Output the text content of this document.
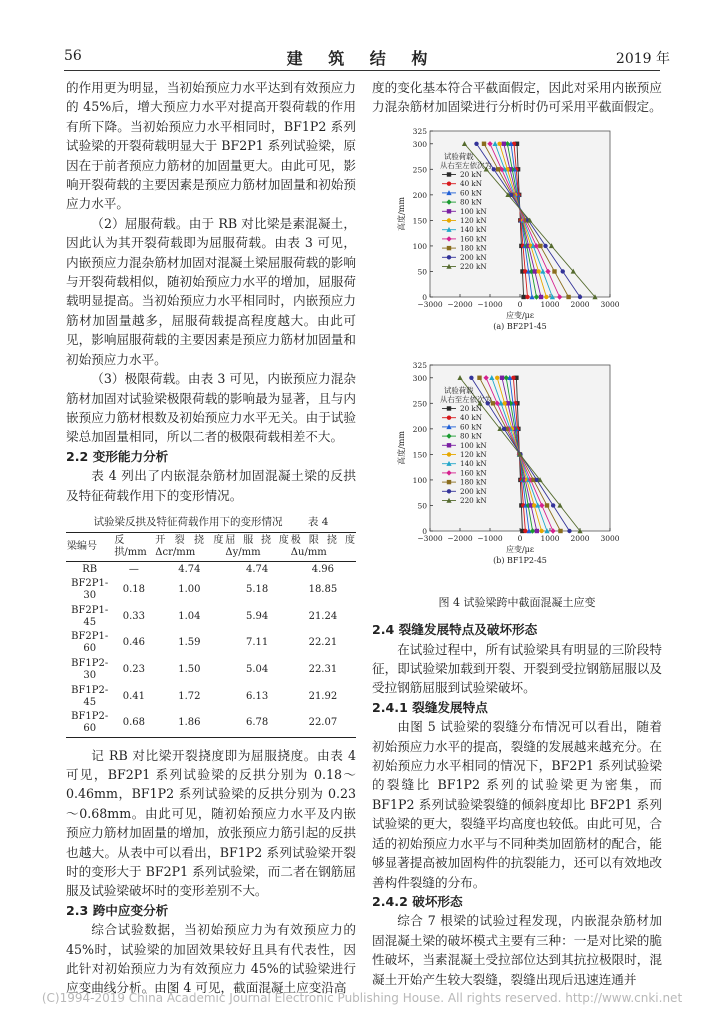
56	建 筑 结 构	2019 年

的作用更为明显，当初始预应力水平达到有效预应力的 45%后，增大预应力水平对提高开裂荷载的作用有所下降。当初始预应力水平相同时，BF1P2 系列试验梁的开裂荷载明显大于 BF2P1 系列试验梁，原因在于前者预应力筋材的加固量更大。由此可见，影响开裂荷载的主要因素是预应力筋材加固量和初始预应力水平。

（2）屈服荷载。由于 RB 对比梁是素混凝土，因此认为其开裂荷载即为屈服荷载。由表 3 可见，内嵌预应力混杂筋材加固对混凝土梁屈服荷载的影响与开裂荷载相似，随初始预应力水平的增加，屈服荷载明显提高。当初始预应力水平相同时，内嵌预应力筋材加固量越多，屈服荷载提高程度越大。由此可见，影响屈服荷载的主要因素是预应力筋材加固量和初始预应力水平。

（3）极限荷载。由表 3 可见，内嵌预应力混杂筋材加固对试验梁极限荷载的影响最为显著，且与内嵌预应力筋材根数及初始预应力水平无关。由于试验梁总加固量相同，所以二者的极限荷载相差不大。

2.2 变形能力分析

表 4 列出了内嵌混杂筋材加固混凝土梁的反拱及特征荷载作用下的变形情况。

试验梁反拱及特征荷载作用下的变形情况 表 4
梁编号	反拱/mm	开裂挠度 Δcr/mm	屈服挠度 Δy/mm	极限挠度 Δu/mm
RB	—	4.74	4.74	4.96
BF2P1-30	0.18	1.00	5.18	18.85
BF2P1-45	0.33	1.04	5.94	21.24
BF2P1-60	0.46	1.59	7.11	22.21
BF1P2-30	0.23	1.50	5.04	22.31
BF1P2-45	0.41	1.72	6.13	21.92
BF1P2-60	0.68	1.86	6.78	22.07

记 RB 对比梁开裂挠度即为屈服挠度。由表 4 可见，BF2P1 系列试验梁的反拱分别为 0.18～0.46mm，BF1P2 系列试验梁的反拱分别为 0.23～0.68mm。由此可见，随初始预应力水平及内嵌预应力筋材加固量的增加，放张预应力筋引起的反拱也越大。从表中可以看出，BF1P2 系列试验梁开裂时的变形大于 BF2P1 系列试验梁，而二者在钢筋屈服及试验梁破坏时的变形差别不大。

2.3 跨中应变分析

综合试验数据，当初始预应力为有效预应力的 45%时，试验梁的加固效果较好且具有代表性，因此针对初始预应力为有效预应力 45%的试验梁进行应变曲线分析。由图 4 可见，截面混凝土应变沿高

度的变化基本符合平截面假定，因此对采用内嵌预应力混杂筋材加固梁进行分析时仍可采用平截面假定。

0
50
100
150
200
250
300
325
−3000 −2000 −1000 0 1000 2000 3000
应变/με
高度/mm
试验荷载从右至左依次为
20 kN
40 kN
60 kN
80 kN
100 kN
120 kN
140 kN
160 kN
180 kN
200 kN
220 kN
(a) BF2P1-45
0
50
100
150
200
250
300
325
−3000 −2000 −1000 0 1000 2000 3000
应变/με
高度/mm
试验荷载从右至左依次为
20 kN
40 kN
60 kN
80 kN
100 kN
120 kN
140 kN
160 kN
180 kN
200 kN
220 kN
(b) BF1P2-45
图 4 试验梁跨中截面混凝土应变

2.4 裂缝发展特点及破坏形态

在试验过程中，所有试验梁具有明显的三阶段特征，即试验梁加载到开裂、开裂到受拉钢筋屈服以及受拉钢筋屈服到试验梁破坏。

2.4.1 裂缝发展特点

由图 5 试验梁的裂缝分布情况可以看出，随着初始预应力水平的提高，裂缝的发展越来越充分。在初始预应力水平相同的情况下，BF2P1 系列试验梁的裂缝比 BF1P2 系列的试验梁更为密集，而 BF1P2 系列试验梁裂缝的倾斜度却比 BF2P1 系列试验梁的更大，裂缝平均高度也较低。由此可见，合适的初始预应力水平与不同种类加固筋材的配合，能够显著提高被加固构件的抗裂能力，还可以有效地改善构件裂缝的分布。

2.4.2 破坏形态

综合 7 根梁的试验过程发现，内嵌混杂筋材加固混凝土梁的破坏模式主要有三种：一是对比梁的脆性破坏，当素混凝土受拉部位达到其抗拉极限时，混凝土开始产生较大裂缝，裂缝出现后迅速连通并

(C)1994-2019 China Academic Journal Electronic Publishing House. All rights reserved. http://www.cnki.net
